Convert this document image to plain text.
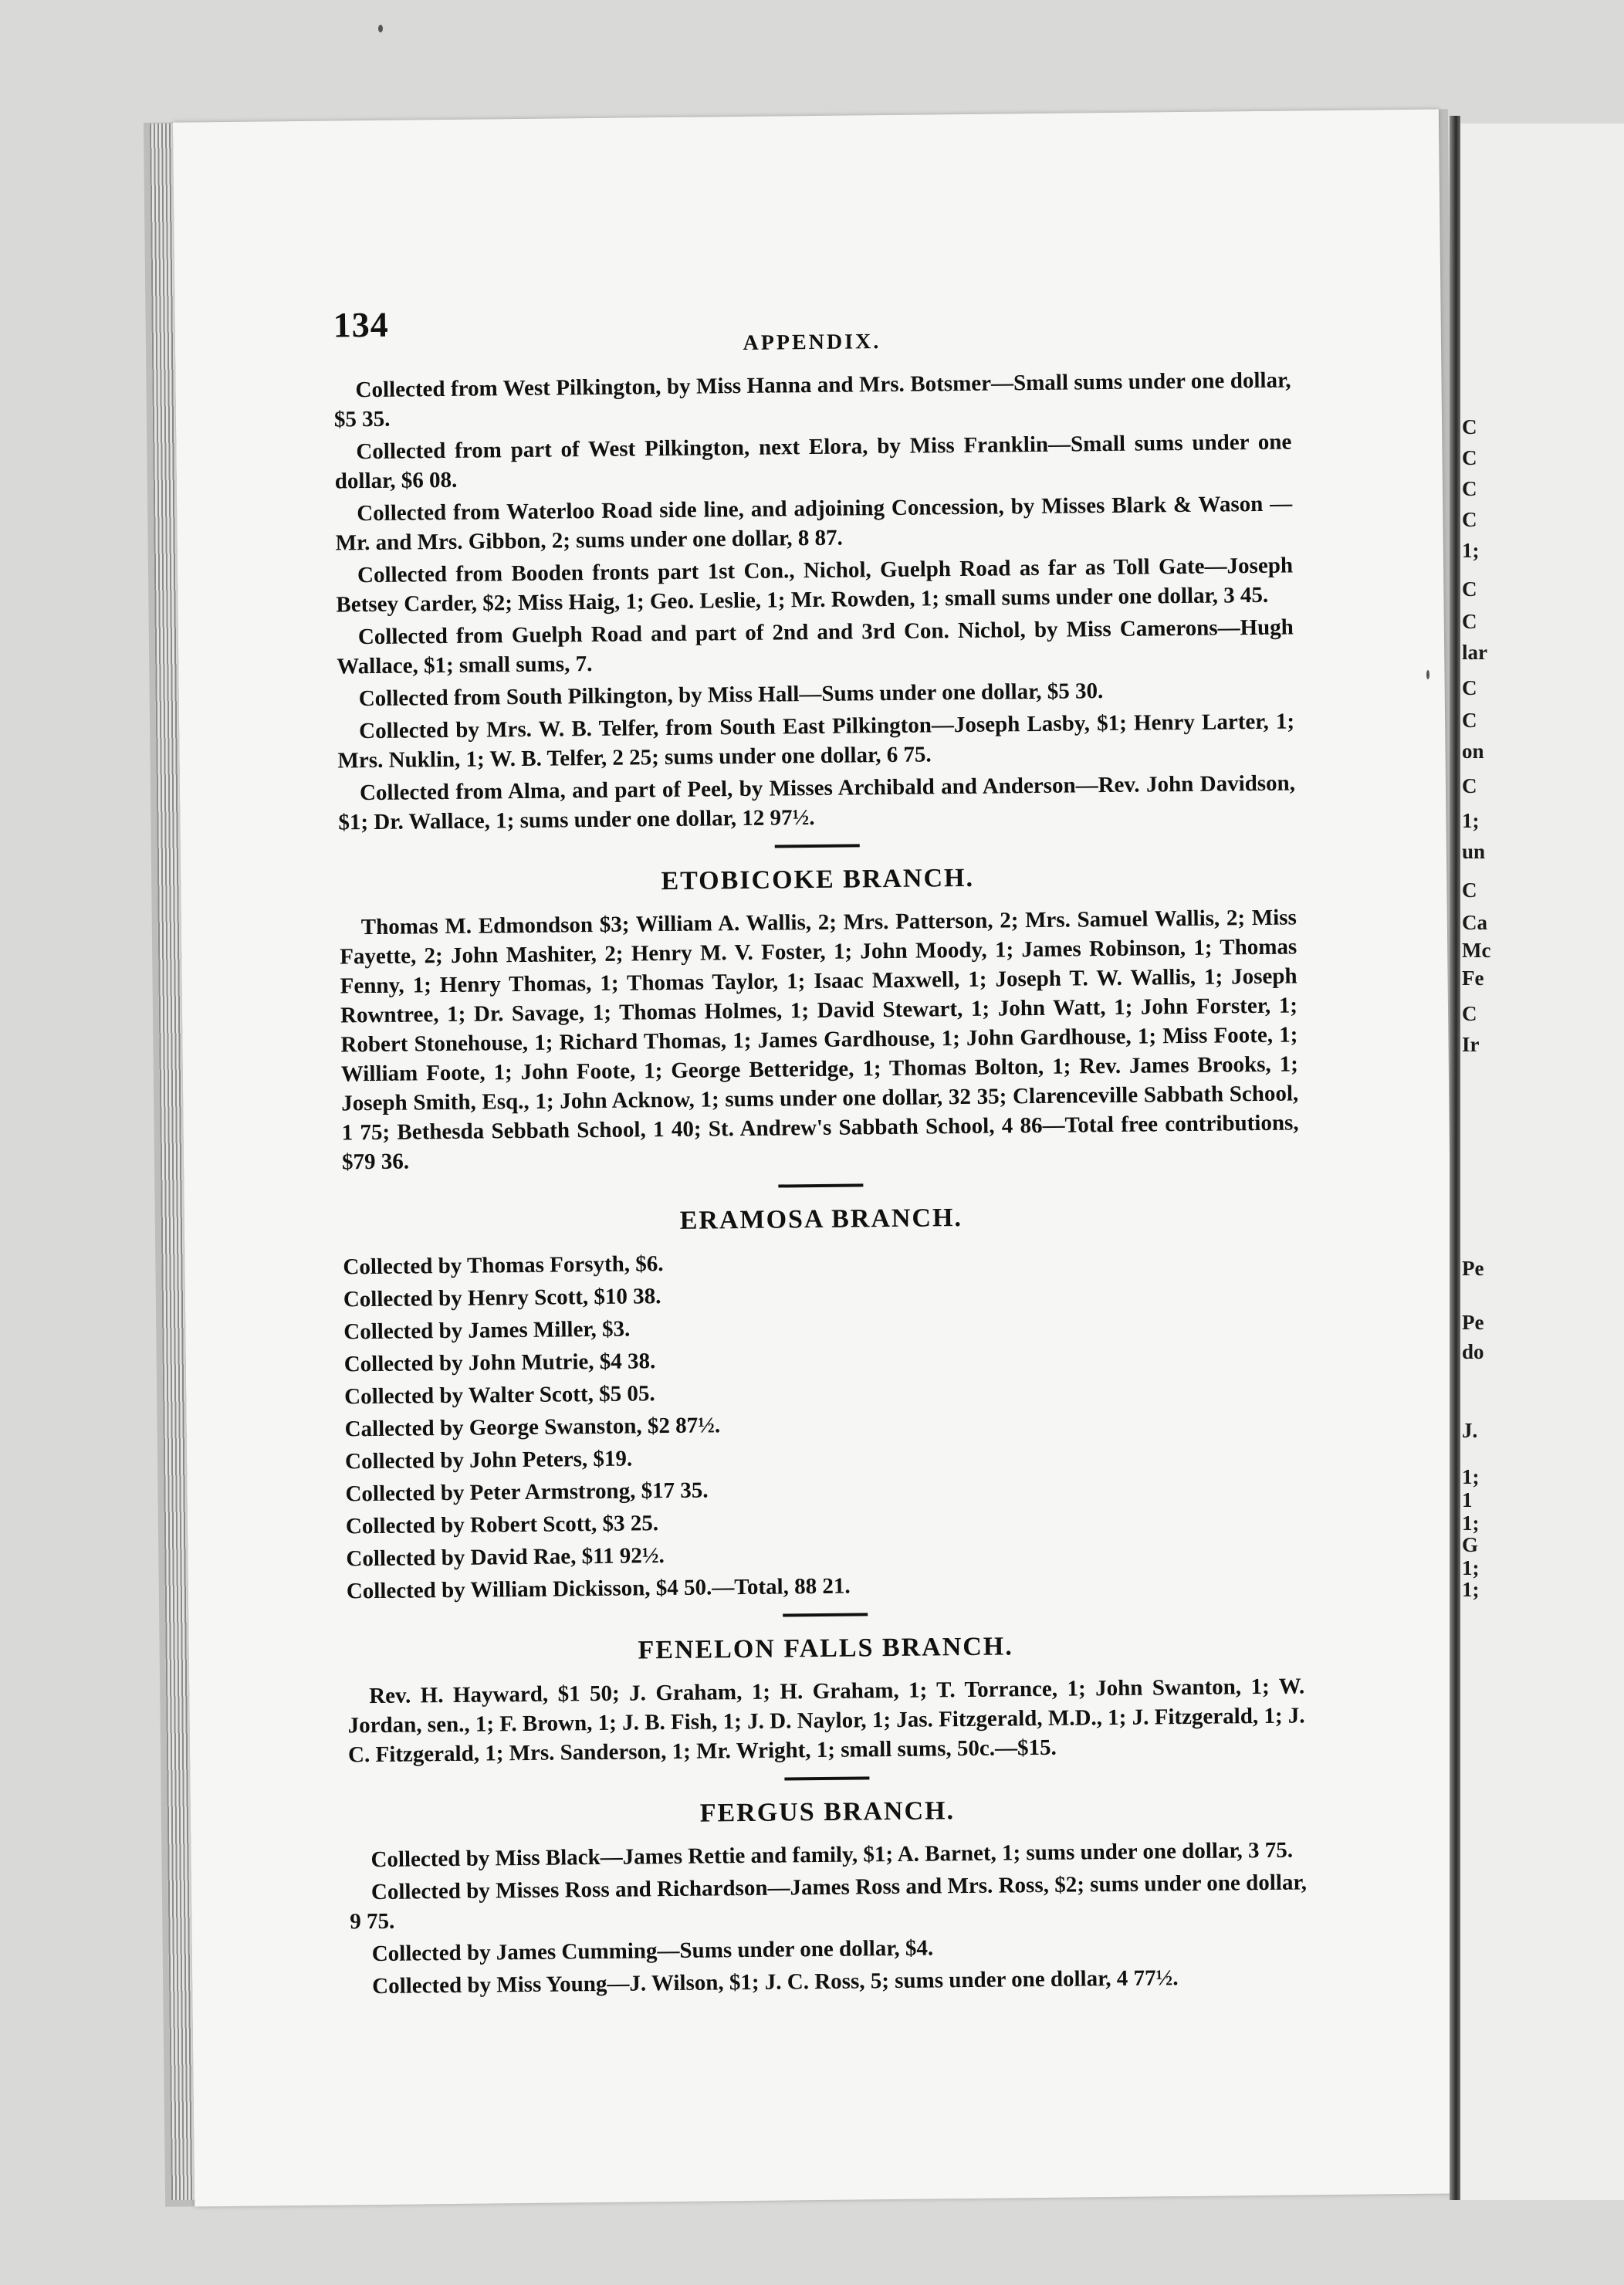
134	APPENDIX.

Collected from West Pilkington, by Miss Hanna and Mrs. Botsmer—Small sums under one dollar, $5 35.

Collected from part of West Pilkington, next Elora, by Miss Franklin—Small sums under one dollar, $6 08.

Collected from Waterloo Road side line, and adjoining Concession, by Misses Blark & Wason —Mr. and Mrs. Gibbon, 2; sums under one dollar, 8 87.

Collected from Booden fronts part 1st Con., Nichol, Guelph Road as far as Toll Gate—Joseph Betsey Carder, $2; Miss Haig, 1; Geo. Leslie, 1; Mr. Rowden, 1; small sums under one dollar, 3 45.

Collected from Guelph Road and part of 2nd and 3rd Con. Nichol, by Miss Camerons—Hugh Wallace, $1; small sums, 7.

Collected from South Pilkington, by Miss Hall—Sums under one dollar, $5 30.

Collected by Mrs. W. B. Telfer, from South East Pilkington—Joseph Lasby, $1; Henry Larter, 1; Mrs. Nuklin, 1; W. B. Telfer, 2 25; sums under one dollar, 6 75.

Collected from Alma, and part of Peel, by Misses Archibald and Anderson—Rev. John Davidson, $1; Dr. Wallace, 1; sums under one dollar, 12 97½.

ETOBICOKE BRANCH.

Thomas M. Edmondson $3; William A. Wallis, 2; Mrs. Patterson, 2; Mrs. Samuel Wallis, 2; Miss Fayette, 2; John Mashiter, 2; Henry M. V. Foster, 1; John Moody, 1; James Robinson, 1; Thomas Fenny, 1; Henry Thomas, 1; Thomas Taylor, 1; Isaac Maxwell, 1; Joseph T. W. Wallis, 1; Joseph Rowntree, 1; Dr. Savage, 1; Thomas Holmes, 1; David Stewart, 1; John Watt, 1; John Forster, 1; Robert Stonehouse, 1; Richard Thomas, 1; James Gardhouse, 1; John Gardhouse, 1; Miss Foote, 1; William Foote, 1; John Foote, 1; George Betteridge, 1; Thomas Bolton, 1; Rev. James Brooks, 1; Joseph Smith, Esq., 1; John Acknow, 1; sums under one dollar, 32 35; Clarenceville Sabbath School, 1 75; Bethesda Sebbath School, 1 40; St. Andrew's Sabbath School, 4 86—Total free contributions, $79 36.

ERAMOSA BRANCH.

Collected by Thomas Forsyth, $6.

Collected by Henry Scott, $10 38.

Collected by James Miller, $3.

Collected by John Mutrie, $4 38.

Collected by Walter Scott, $5 05.

Callected by George Swanston, $2 87½.

Collected by John Peters, $19.

Collected by Peter Armstrong, $17 35.

Collected by Robert Scott, $3 25.

Collected by David Rae, $11 92½.

Collected by William Dickisson, $4 50.—Total, 88 21.

FENELON FALLS BRANCH.

Rev. H. Hayward, $1 50; J. Graham, 1; H. Graham, 1; T. Torrance, 1; John Swanton, 1; W. Jordan, sen., 1; F. Brown, 1; J. B. Fish, 1; J. D. Naylor, 1; Jas. Fitzgerald, M.D., 1; J. Fitzgerald, 1; J. C. Fitzgerald, 1; Mrs. Sanderson, 1; Mr. Wright, 1; small sums, 50c.—$15.

FERGUS BRANCH.

Collected by Miss Black—James Rettie and family, $1; A. Barnet, 1; sums under one dollar, 3 75.

Collected by Misses Ross and Richardson—James Ross and Mrs. Ross, $2; sums under one dollar, 9 75.

Collected by James Cumming—Sums under one dollar, $4.

Collected by Miss Young—J. Wilson, $1; J. C. Ross, 5; sums under one dollar, 4 77½.

C
C
C
C
1;
C
C
lar
C
C
on
C
1;
un
C
Ca
Mc
Fe
C
Ir
Pe
Pe
do
J.
1;
1
1;
G
1;
1;
